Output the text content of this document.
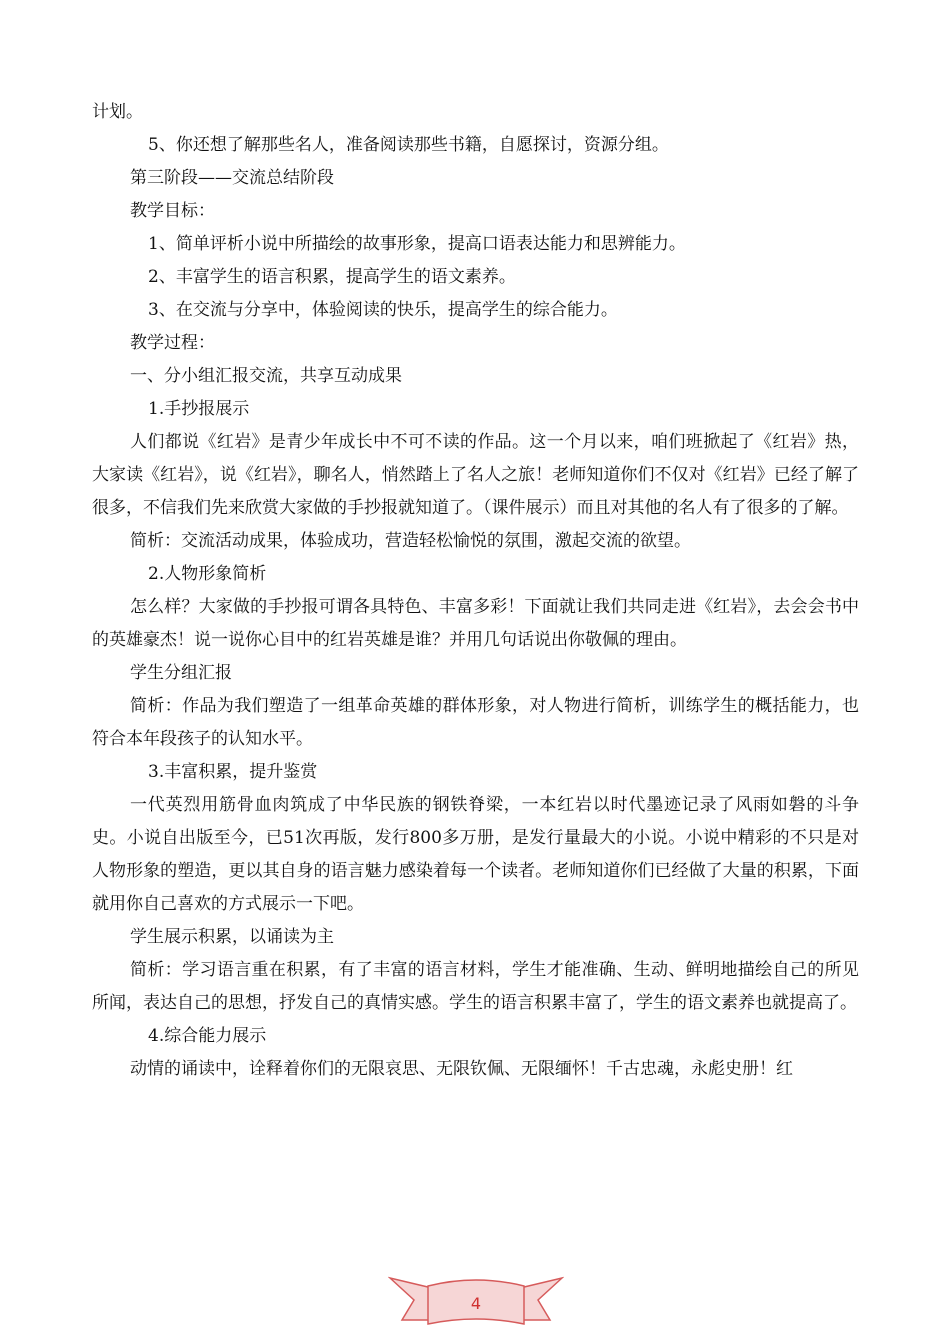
计划。

5、你还想了解那些名人，准备阅读那些书籍，自愿探讨，资源分组。

第三阶段——交流总结阶段

教学目标：

1、简单评析小说中所描绘的故事形象，提高口语表达能力和思辨能力。

2、丰富学生的语言积累，提高学生的语文素养。

3、在交流与分享中，体验阅读的快乐，提高学生的综合能力。

教学过程：

一、分小组汇报交流，共享互动成果

1.手抄报展示

人们都说《红岩》是青少年成长中不可不读的作品。这一个月以来，咱们班掀起了《红岩》热，大家读《红岩》，说《红岩》，聊名人，悄然踏上了名人之旅！老师知道你们不仅对《红岩》已经了解了很多，不信我们先来欣赏大家做的手抄报就知道了。（课件展示）而且对其他的名人有了很多的了解。

简析：交流活动成果，体验成功，营造轻松愉悦的氛围，激起交流的欲望。

2.人物形象简析

怎么样？大家做的手抄报可谓各具特色、丰富多彩！下面就让我们共同走进《红岩》，去会会书中的英雄豪杰！说一说你心目中的红岩英雄是谁？并用几句话说出你敬佩的理由。

学生分组汇报

简析：作品为我们塑造了一组革命英雄的群体形象，对人物进行简析，训练学生的概括能力，也符合本年段孩子的认知水平。

3.丰富积累，提升鉴赏

一代英烈用筋骨血肉筑成了中华民族的钢铁脊梁，一本红岩以时代墨迹记录了风雨如磐的斗争史。小说自出版至今，已51次再版，发行800多万册，是发行量最大的小说。小说中精彩的不只是对人物形象的塑造，更以其自身的语言魅力感染着每一个读者。老师知道你们已经做了大量的积累，下面就用你自己喜欢的方式展示一下吧。

学生展示积累，以诵读为主

简析：学习语言重在积累，有了丰富的语言材料，学生才能准确、生动、鲜明地描绘自己的所见所闻，表达自己的思想，抒发自己的真情实感。学生的语言积累丰富了，学生的语文素养也就提高了。

4.综合能力展示

动情的诵读中，诠释着你们的无限哀思、无限钦佩、无限缅怀！千古忠魂，永彪史册！红

4
